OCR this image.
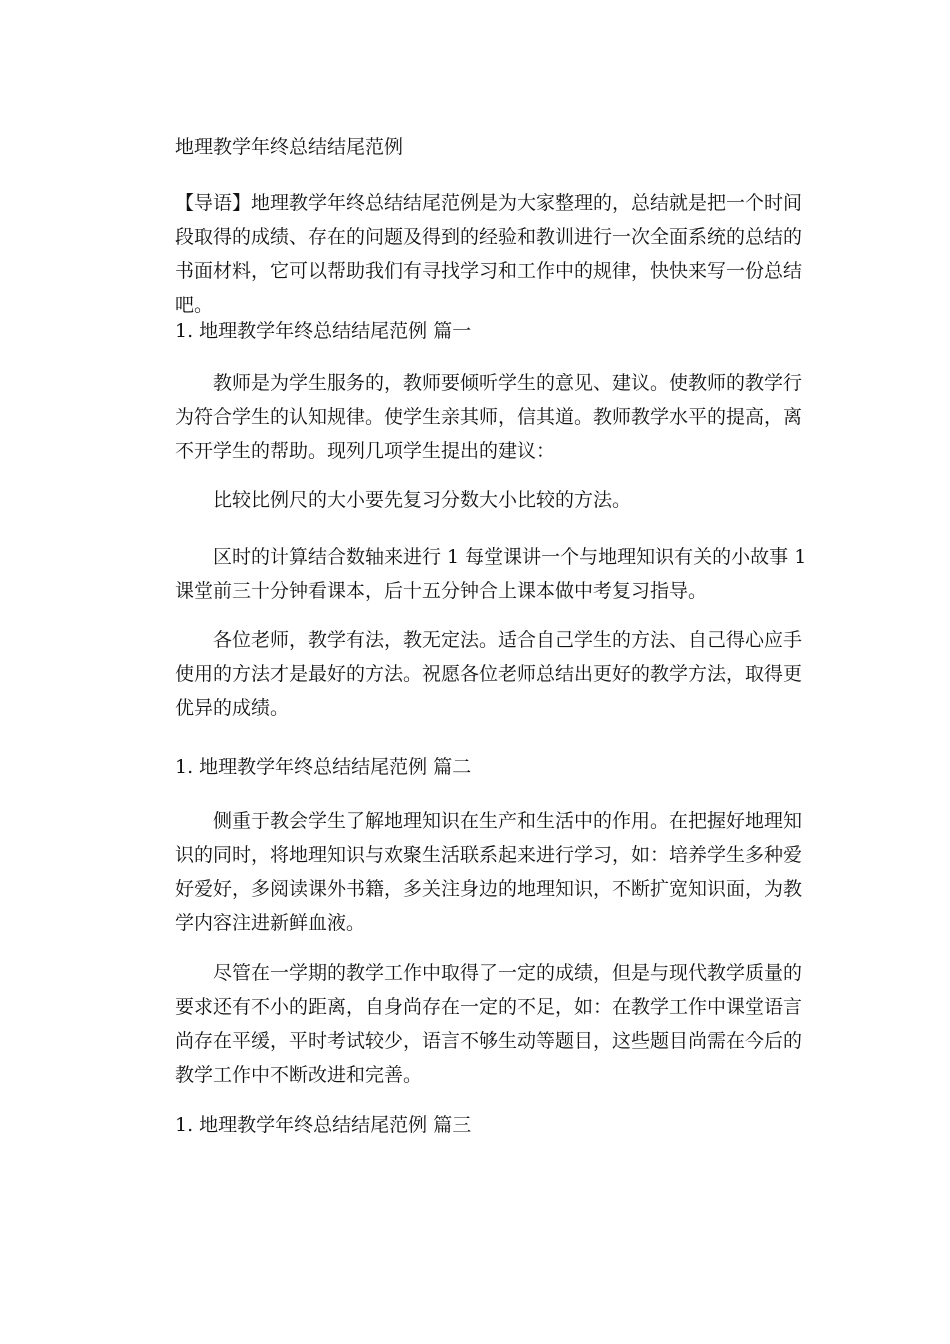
地理教学年终总结结尾范例

【导语】地理教学年终总结结尾范例是为大家整理的，总结就是把一个时间段取得的成绩、存在的问题及得到的经验和教训进行一次全面系统的总结的书面材料，它可以帮助我们有寻找学习和工作中的规律，快快来写一份总结吧。

1. 地理教学年终总结结尾范例 篇一

教师是为学生服务的，教师要倾听学生的意见、建议。使教师的教学行为符合学生的认知规律。使学生亲其师，信其道。教师教学水平的提高，离不开学生的帮助。现列几项学生提出的建议：

比较比例尺的大小要先复习分数大小比较的方法。

区时的计算结合数轴来进行 1 每堂课讲一个与地理知识有关的小故事 1 课堂前三十分钟看课本，后十五分钟合上课本做中考复习指导。

各位老师，教学有法，教无定法。适合自己学生的方法、自己得心应手使用的方法才是最好的方法。祝愿各位老师总结出更好的教学方法，取得更优异的成绩。

1. 地理教学年终总结结尾范例 篇二

侧重于教会学生了解地理知识在生产和生活中的作用。在把握好地理知识的同时，将地理知识与欢聚生活联系起来进行学习，如：培养学生多种爱好爱好，多阅读课外书籍，多关注身边的地理知识，不断扩宽知识面，为教学内容注进新鲜血液。

尽管在一学期的教学工作中取得了一定的成绩，但是与现代教学质量的要求还有不小的距离，自身尚存在一定的不足，如：在教学工作中课堂语言尚存在平缓，平时考试较少，语言不够生动等题目，这些题目尚需在今后的教学工作中不断改进和完善。

1. 地理教学年终总结结尾范例 篇三
